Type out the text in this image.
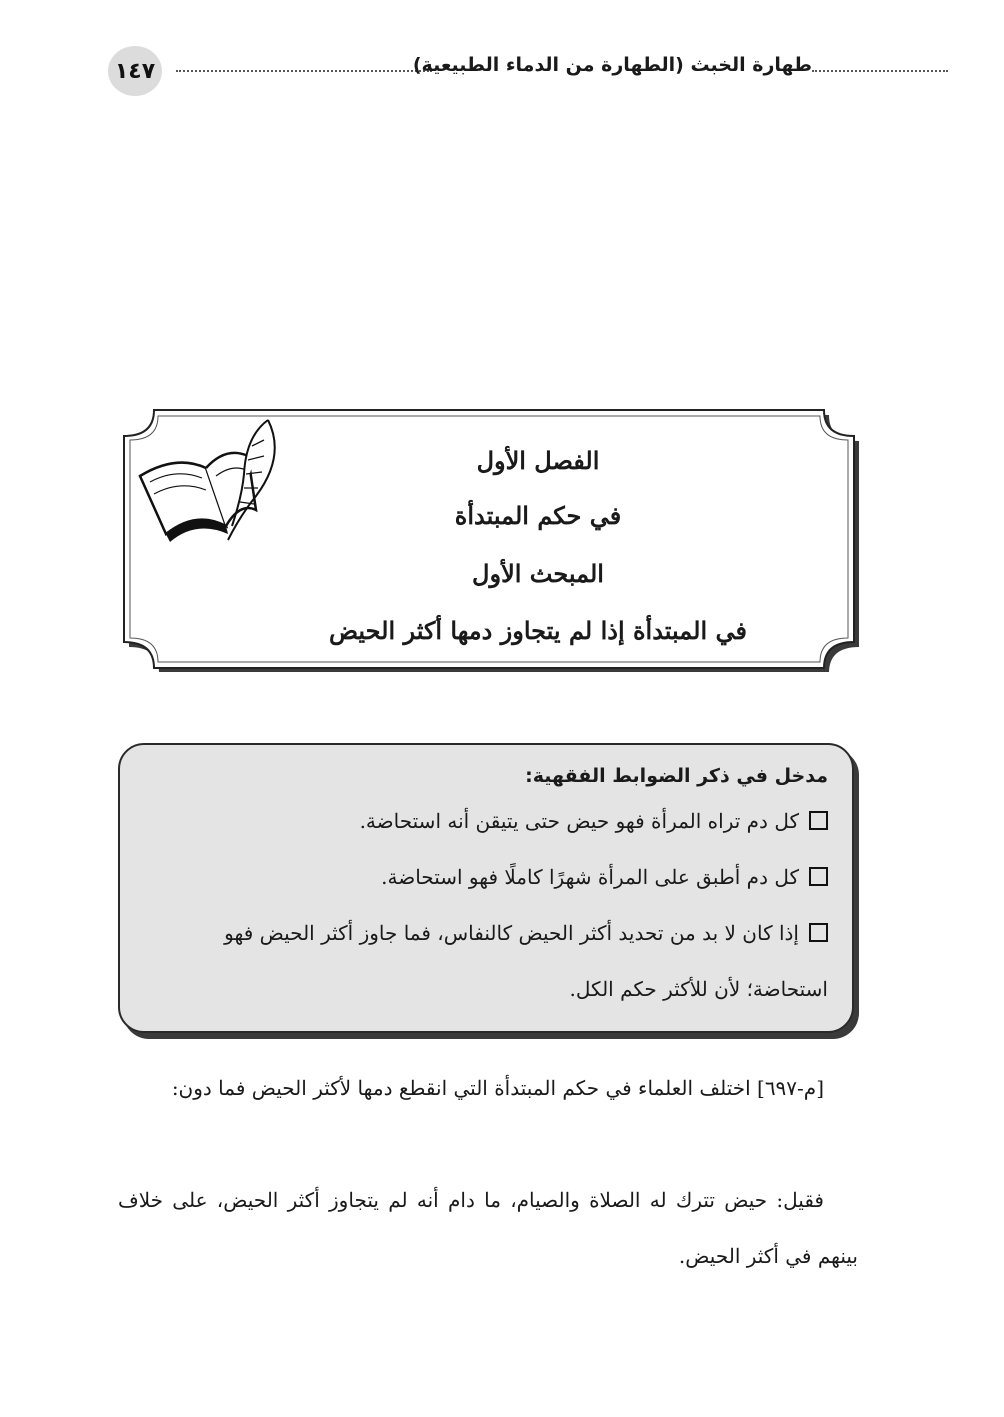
١٤٧	طهارة الخبث (الطهارة من الدماء الطبيعية)
الفصل الأول
في حكم المبتدأة
المبحث الأول
في المبتدأة إذا لم يتجاوز دمها أكثر الحيض
مدخل في ذكر الضوابط الفقهية:
كل دم تراه المرأة فهو حيض حتى يتيقن أنه استحاضة.
كل دم أطبق على المرأة شهرًا كاملًا فهو استحاضة.
إذا كان لا بد من تحديد أكثر الحيض كالنفاس، فما جاوز أكثر الحيض فهو استحاضة؛ لأن للأكثر حكم الكل.
[م-٦٩٧] اختلف العلماء في حكم المبتدأة التي انقطع دمها لأكثر الحيض فما دون:
فقيل: حيض تترك له الصلاة والصيام، ما دام أنه لم يتجاوز أكثر الحيض، على خلاف بينهم في أكثر الحيض.
